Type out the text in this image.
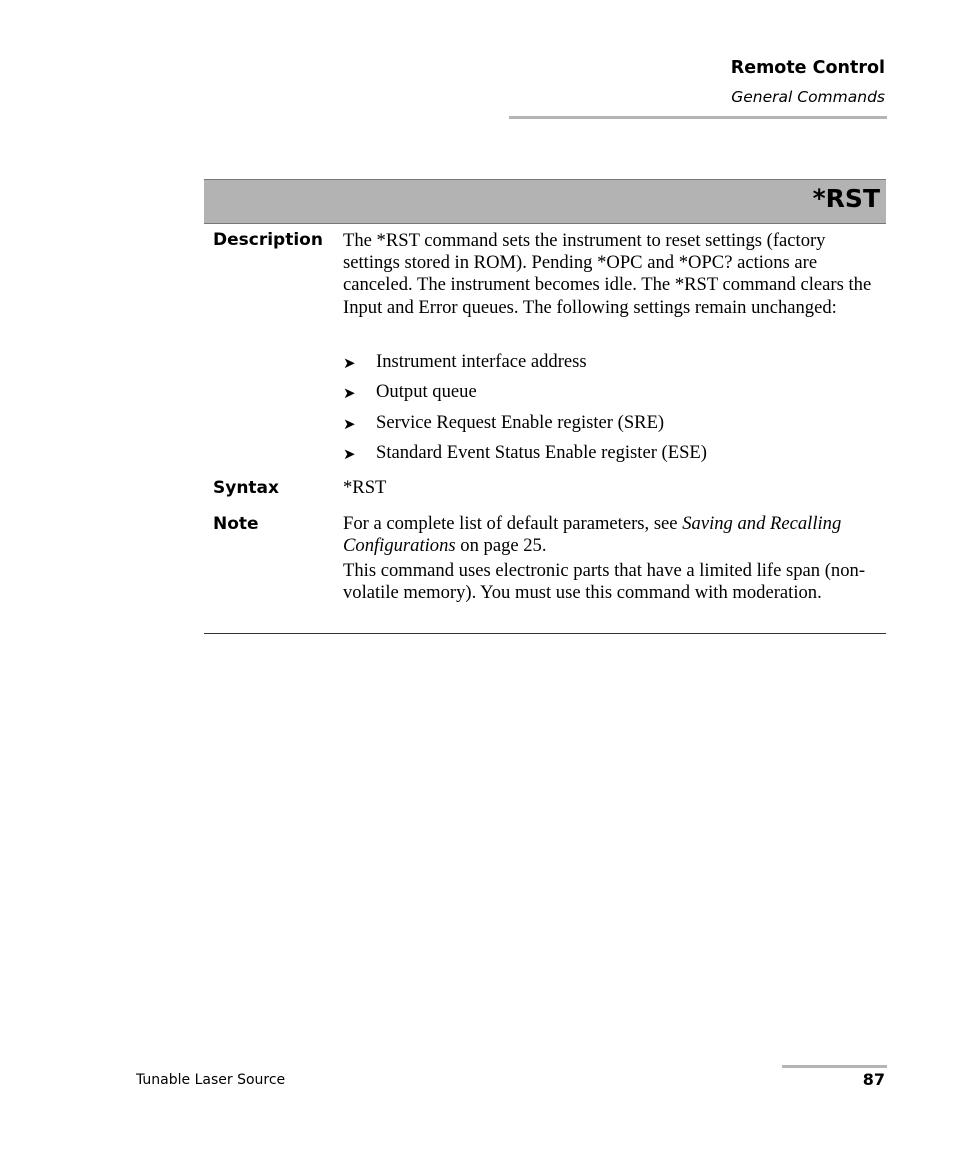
Remote Control
General Commands
*RST
Description The *RST command sets the instrument to reset settings (factory settings stored in ROM). Pending *OPC and *OPC? actions are canceled. The instrument becomes idle. The *RST command clears the Input and Error queues. The following settings remain unchanged:
➤ Instrument interface address
➤ Output queue
➤ Service Request Enable register (SRE)
➤ Standard Event Status Enable register (ESE)
Syntax	*RST
Note	For a complete list of default parameters, see Saving and Recalling Configurations on page 25.
This command uses electronic parts that have a limited life span (non-volatile memory). You must use this command with moderation.
Tunable Laser Source	87
